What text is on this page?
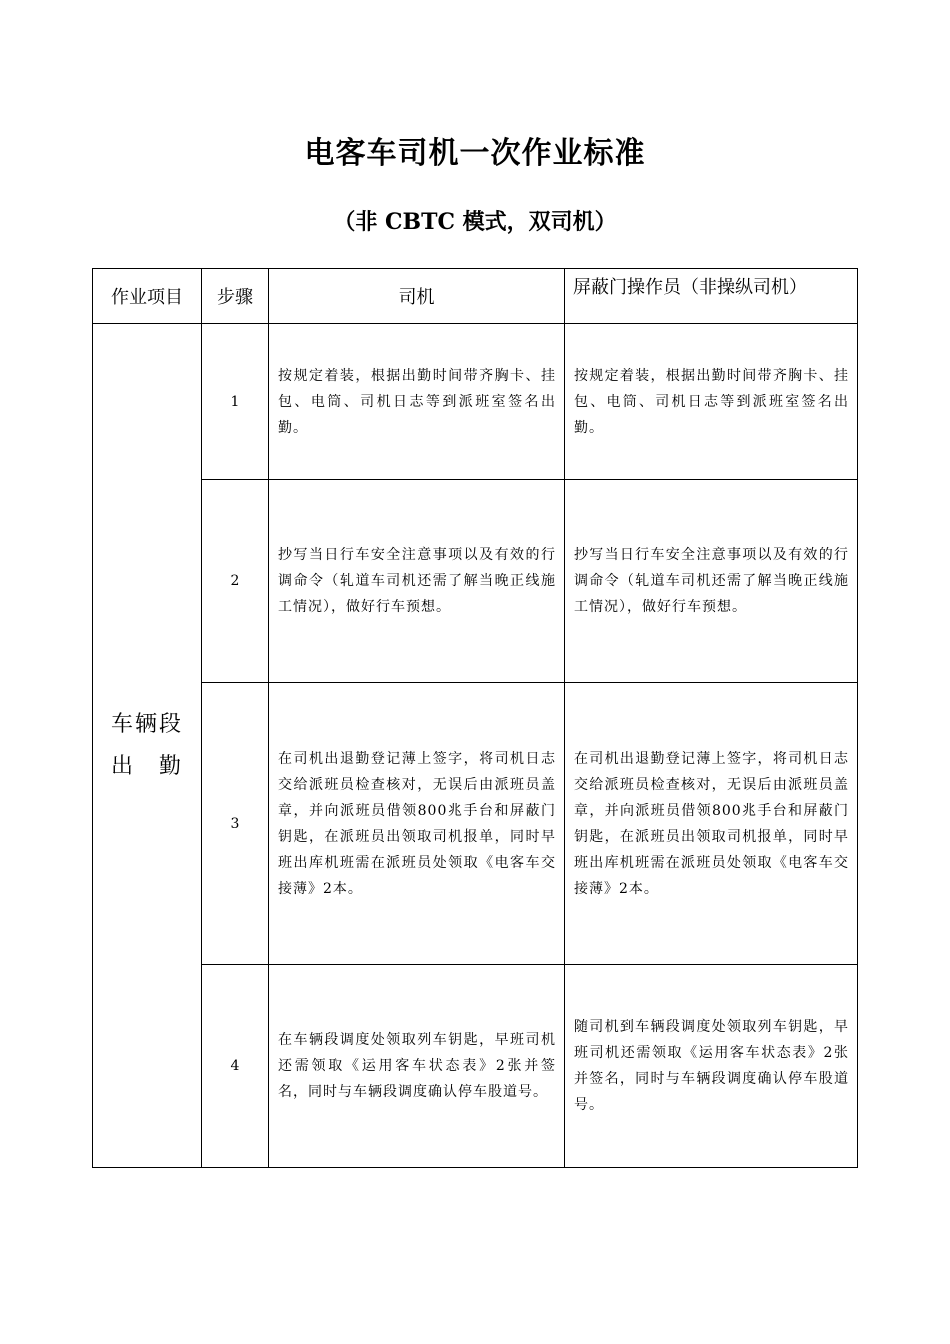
电客车司机一次作业标准
（非 CBTC 模式，双司机）
作业项目	步骤	司机	屏蔽门操作员（非操纵司机）

车辆段
出　勤	1	按规定着装，根据出勤时间带齐胸卡、挂包、电筒、司机日志等到派班室签名出勤。	按规定着装，根据出勤时间带齐胸卡、挂包、电筒、司机日志等到派班室签名出勤。
	2	抄写当日行车安全注意事项以及有效的行调命令（轧道车司机还需了解当晚正线施工情况），做好行车预想。	抄写当日行车安全注意事项以及有效的行调命令（轧道车司机还需了解当晚正线施工情况），做好行车预想。
	3	在司机出退勤登记薄上签字，将司机日志交给派班员检查核对，无误后由派班员盖章，并向派班员借领800兆手台和屏蔽门钥匙，在派班员出领取司机报单，同时早班出库机班需在派班员处领取《电客车交接薄》2本。	在司机出退勤登记薄上签字，将司机日志交给派班员检查核对，无误后由派班员盖章，并向派班员借领800兆手台和屏蔽门钥匙，在派班员出领取司机报单，同时早班出库机班需在派班员处领取《电客车交接薄》2本。
	4	在车辆段调度处领取列车钥匙，早班司机还需领取《运用客车状态表》2张并签名，同时与车辆段调度确认停车股道号。	随司机到车辆段调度处领取列车钥匙，早班司机还需领取《运用客车状态表》2张并签名，同时与车辆段调度确认停车股道号。
